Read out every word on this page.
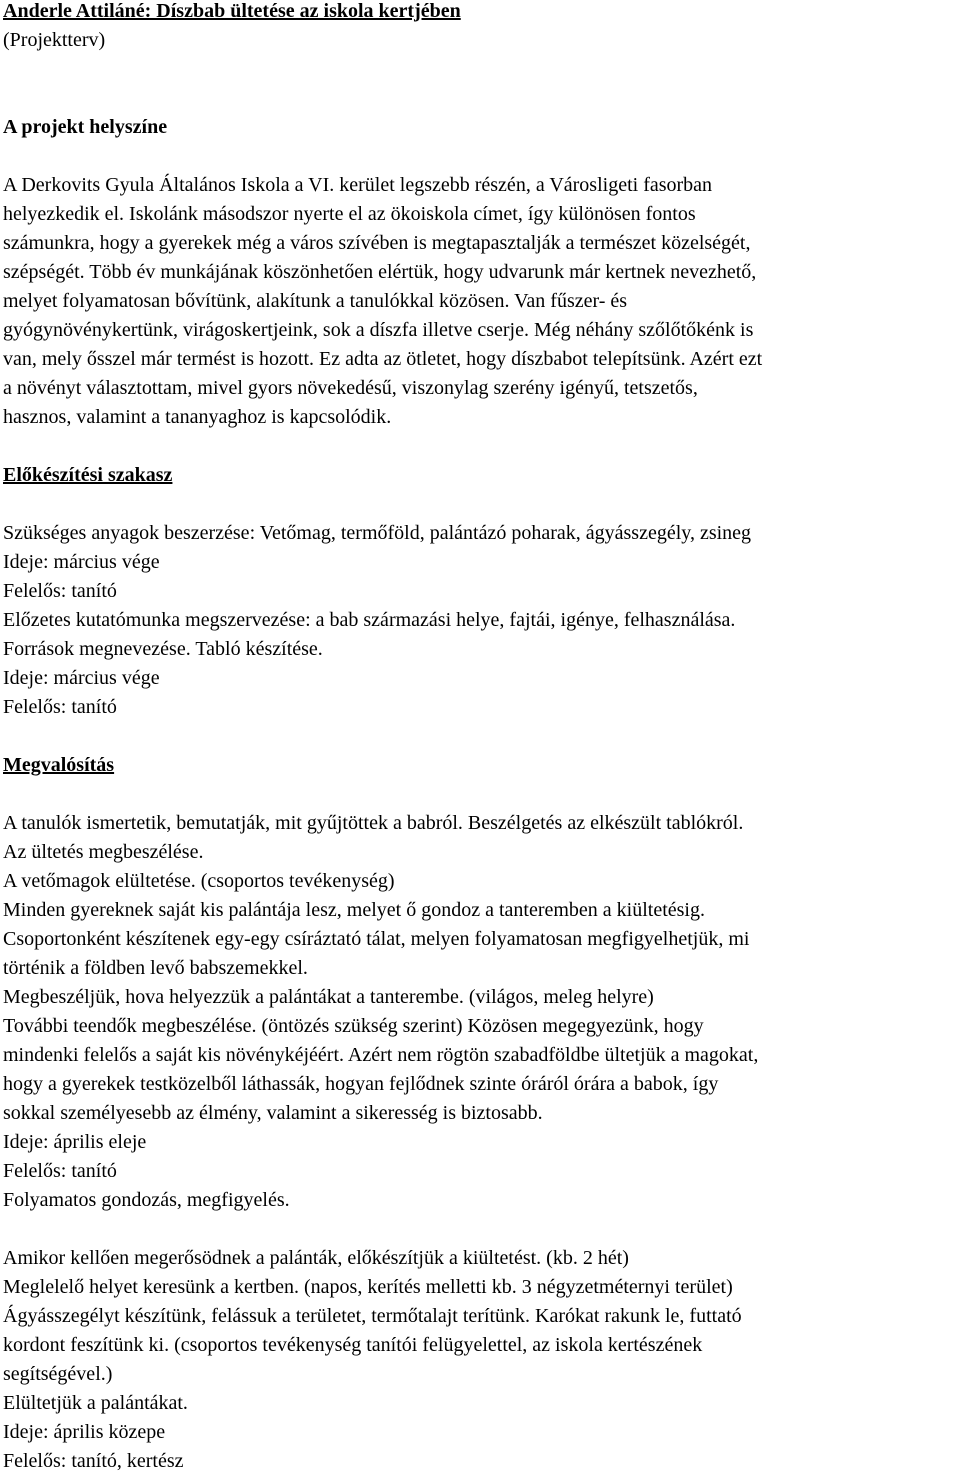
Anderle Attiláné: Díszbab ültetése az iskola kertjében

(Projektterv)

A projekt helyszíne

A Derkovits Gyula Általános Iskola a VI. kerület legszebb részén, a Városligeti fasorban

helyezkedik el. Iskolánk másodszor nyerte el az ökoiskola címet, így különösen fontos

számunkra, hogy a gyerekek még a város szívében is megtapasztalják a természet közelségét,

szépségét. Több év munkájának köszönhetően elértük, hogy udvarunk már kertnek nevezhető,

melyet folyamatosan bővítünk, alakítunk a tanulókkal közösen. Van fűszer- és

gyógynövénykertünk, virágoskertjeink, sok a díszfa illetve cserje. Még néhány szőlőtőkénk is

van, mely ősszel már termést is hozott. Ez adta az ötletet, hogy díszbabot telepítsünk. Azért ezt

a növényt választottam, mivel gyors növekedésű, viszonylag szerény igényű, tetszetős,

hasznos, valamint a tananyaghoz is kapcsolódik.

Előkészítési szakasz

Szükséges anyagok beszerzése: Vetőmag, termőföld, palántázó poharak, ágyásszegély, zsineg

Ideje: március vége

Felelős: tanító

Előzetes kutatómunka megszervezése: a bab származási helye, fajtái, igénye, felhasználása.

Források megnevezése. Tabló készítése.

Ideje: március vége

Felelős: tanító

Megvalósítás

A tanulók ismertetik, bemutatják, mit gyűjtöttek a babról. Beszélgetés az elkészült tablókról.

Az ültetés megbeszélése.

A vetőmagok elültetése. (csoportos tevékenység)

Minden gyereknek saját kis palántája lesz, melyet ő gondoz a tanteremben a kiültetésig.

Csoportonként készítenek egy-egy csíráztató tálat, melyen folyamatosan megfigyelhetjük, mi

történik a földben levő babszemekkel.

Megbeszéljük, hova helyezzük a palántákat a tanterembe. (világos, meleg helyre)

További teendők megbeszélése. (öntözés szükség szerint) Közösen megegyezünk, hogy

mindenki felelős a saját kis növénykéjéért. Azért nem rögtön szabadföldbe ültetjük a magokat,

hogy a gyerekek testközelből láthassák, hogyan fejlődnek szinte óráról órára a babok, így

sokkal személyesebb az élmény, valamint a sikeresség is biztosabb.

Ideje: április eleje

Felelős: tanító

Folyamatos gondozás, megfigyelés.

Amikor kellően megerősödnek a palánták, előkészítjük a kiültetést. (kb. 2 hét)

Meglelelő helyet keresünk a kertben. (napos, kerítés melletti kb. 3 négyzetméternyi terület)

Ágyásszegélyt készítünk, felássuk a területet, termőtalajt terítünk. Karókat rakunk le, futtató

kordont feszítünk ki. (csoportos tevékenység tanítói felügyelettel, az iskola kertészének

segítségével.)

Elültetjük a palántákat.

Ideje: április közepe

Felelős: tanító, kertész
